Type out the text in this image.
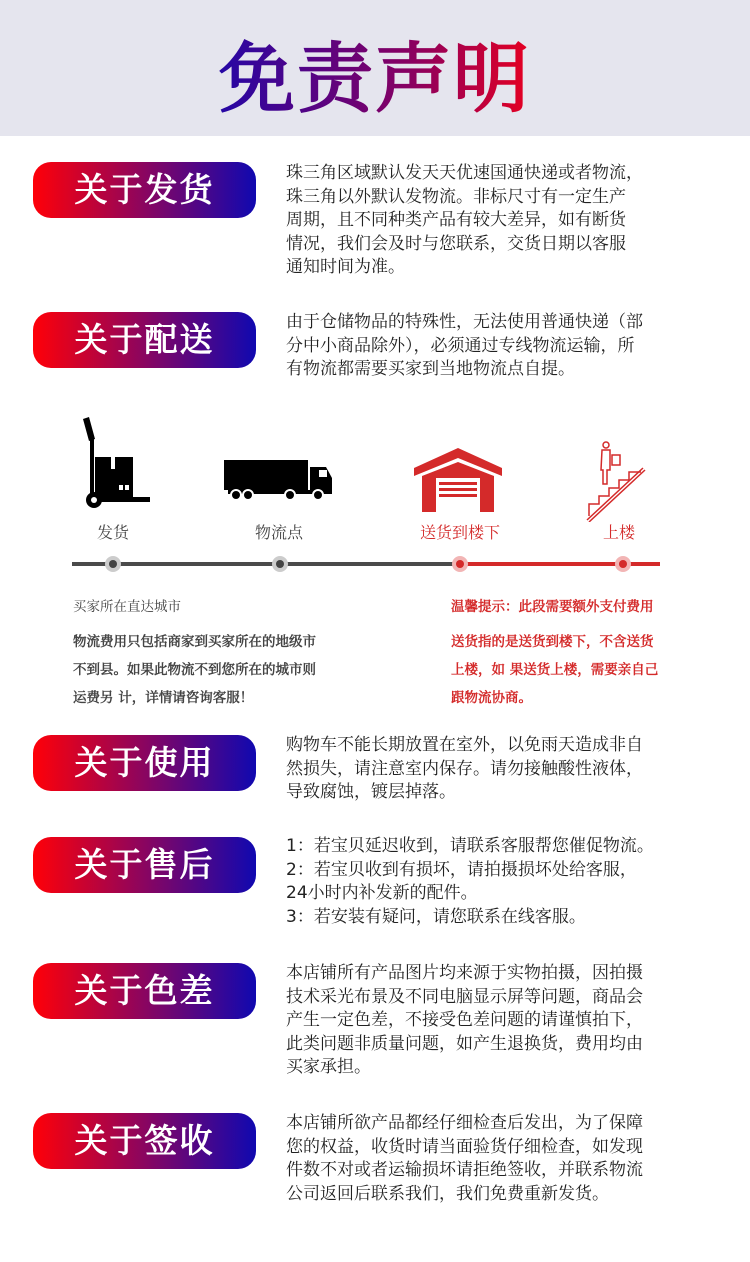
免责声明
关于发货	珠三角区域默认发天天优速国通快递或者物流，
珠三角以外默认发物流。非标尺寸有一定生产
周期，且不同种类产品有较大差异，如有断货
情况，我们会及时与您联系，交货日期以客服
通知时间为准。
关于配送	由于仓储物品的特殊性，无法使用普通快递（部
分中小商品除外），必须通过专线物流运输，所
有物流都需要买家到当地物流点自提。
发货	物流点	送货到楼下	上楼
买家所在直达城市
物流费用只包括商家到买家所在的地级市
不到县。如果此物流不到您所在的城市则
运费另 计，详情请咨询客服！
温馨提示：此段需要额外支付费用
送货指的是送货到楼下，不含送货
上楼，如 果送货上楼，需要亲自己
跟物流协商。
关于使用	购物车不能长期放置在室外，以免雨天造成非自
然损失，请注意室内保存。请勿接触酸性液体，
导致腐蚀，镀层掉落。
关于售后	1：若宝贝延迟收到，请联系客服帮您催促物流。
2：若宝贝收到有损坏，请拍摄损坏处给客服，
24小时内补发新的配件。
3：若安装有疑问，请您联系在线客服。
关于色差	本店铺所有产品图片均来源于实物拍摄，因拍摄
技术采光布景及不同电脑显示屏等问题，商品会
产生一定色差，不接受色差问题的请谨慎拍下，
此类问题非质量问题，如产生退换货，费用均由
买家承担。
关于签收	本店铺所欲产品都经仔细检查后发出，为了保障
您的权益，收货时请当面验货仔细检查，如发现
件数不对或者运输损坏请拒绝签收，并联系物流
公司返回后联系我们，我们免费重新发货。
